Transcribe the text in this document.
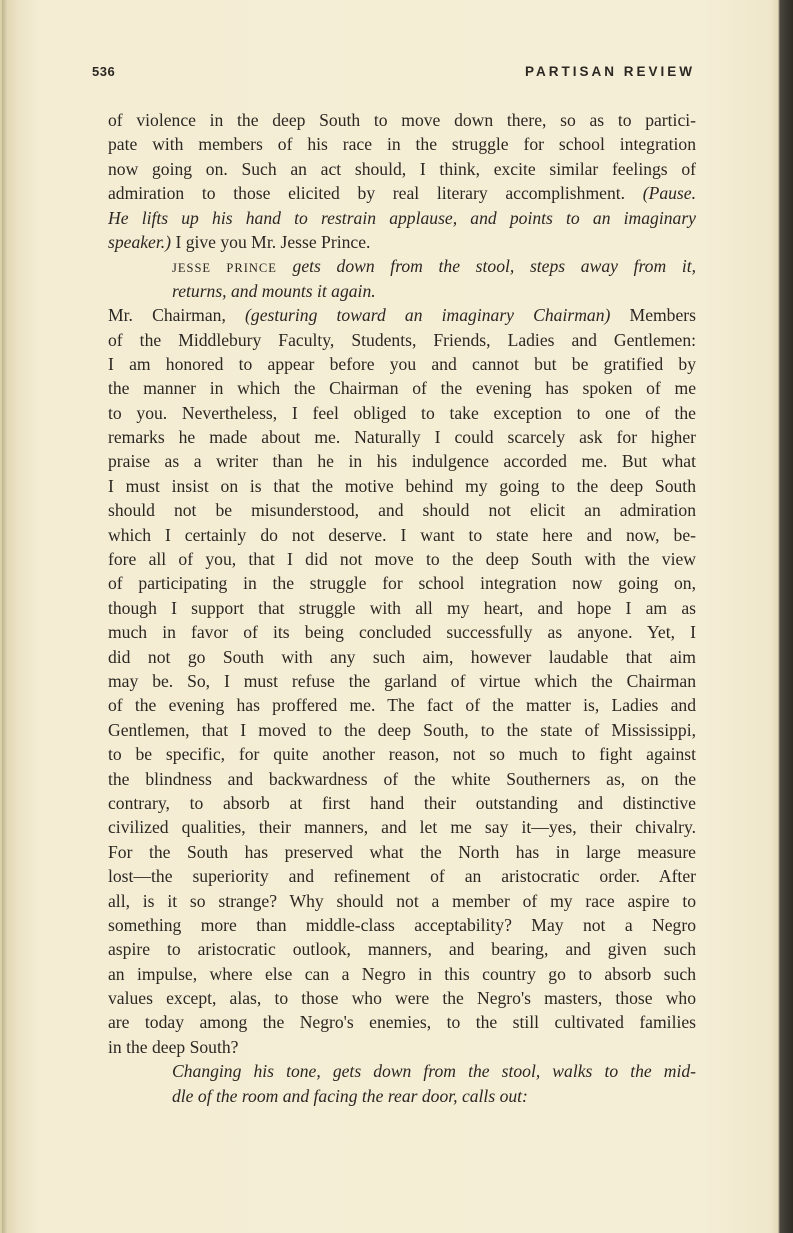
536	PARTISAN REVIEW
of violence in the deep South to move down there, so as to partici-
pate with members of his race in the struggle for school integration
now going on. Such an act should, I think, excite similar feelings of
admiration to those elicited by real literary accomplishment. (Pause.
He lifts up his hand to restrain applause, and points to an imaginary
speaker.) I give you Mr. Jesse Prince.
JESSE PRINCE gets down from the stool, steps away from it,
returns, and mounts it again.
Mr. Chairman, (gesturing toward an imaginary Chairman) Members
of the Middlebury Faculty, Students, Friends, Ladies and Gentlemen:
I am honored to appear before you and cannot but be gratified by
the manner in which the Chairman of the evening has spoken of me
to you. Nevertheless, I feel obliged to take exception to one of the
remarks he made about me. Naturally I could scarcely ask for higher
praise as a writer than he in his indulgence accorded me. But what
I must insist on is that the motive behind my going to the deep South
should not be misunderstood, and should not elicit an admiration
which I certainly do not deserve. I want to state here and now, be-
fore all of you, that I did not move to the deep South with the view
of participating in the struggle for school integration now going on,
though I support that struggle with all my heart, and hope I am as
much in favor of its being concluded successfully as anyone. Yet, I
did not go South with any such aim, however laudable that aim
may be. So, I must refuse the garland of virtue which the Chairman
of the evening has proffered me. The fact of the matter is, Ladies and
Gentlemen, that I moved to the deep South, to the state of Mississippi,
to be specific, for quite another reason, not so much to fight against
the blindness and backwardness of the white Southerners as, on the
contrary, to absorb at first hand their outstanding and distinctive
civilized qualities, their manners, and let me say it—yes, their chivalry.
For the South has preserved what the North has in large measure
lost—the superiority and refinement of an aristocratic order. After
all, is it so strange? Why should not a member of my race aspire to
something more than middle-class acceptability? May not a Negro
aspire to aristocratic outlook, manners, and bearing, and given such
an impulse, where else can a Negro in this country go to absorb such
values except, alas, to those who were the Negro's masters, those who
are today among the Negro's enemies, to the still cultivated families
in the deep South?
Changing his tone, gets down from the stool, walks to the mid-
dle of the room and facing the rear door, calls out:
